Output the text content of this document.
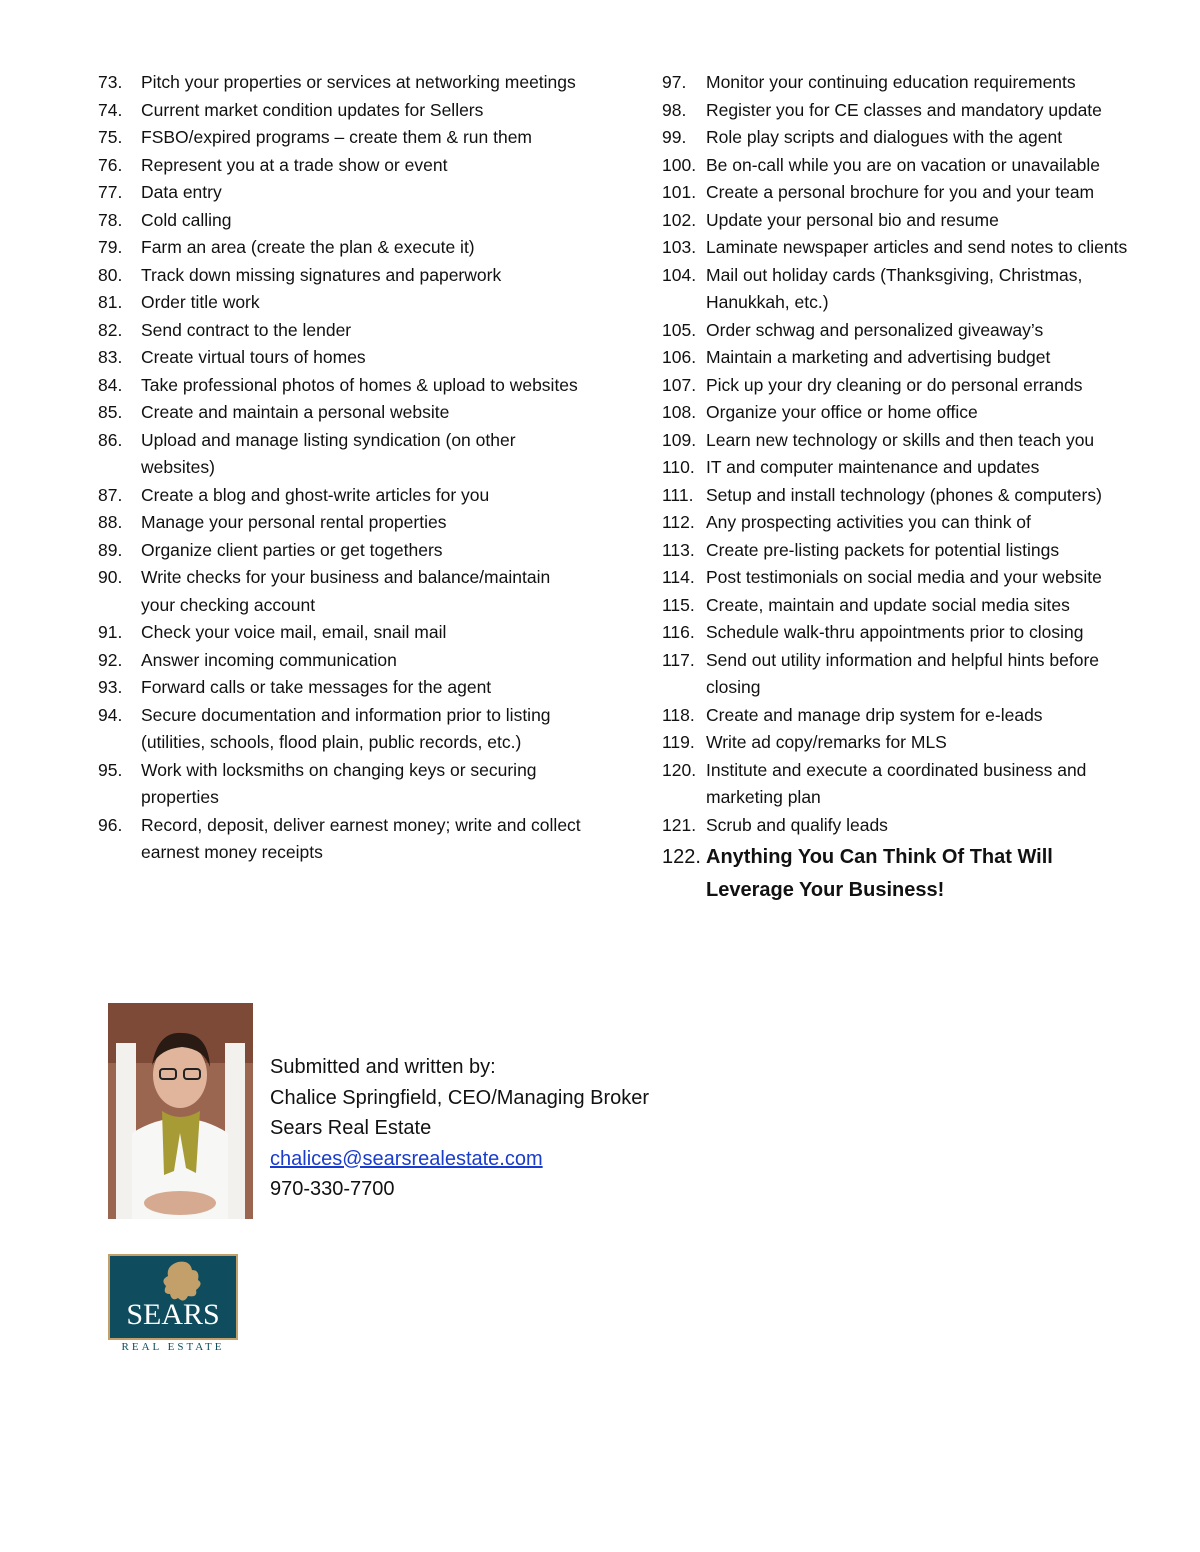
73. Pitch your properties or services at networking meetings
74. Current market condition updates for Sellers
75. FSBO/expired programs – create them & run them
76. Represent you at a trade show or event
77. Data entry
78. Cold calling
79. Farm an area (create the plan & execute it)
80. Track down missing signatures and paperwork
81. Order title work
82. Send contract to the lender
83. Create virtual tours of homes
84. Take professional photos of homes & upload to websites
85. Create and maintain a personal website
86. Upload and manage listing syndication (on other websites)
87. Create a blog and ghost-write articles for you
88. Manage your personal rental properties
89. Organize client parties or get togethers
90. Write checks for your business and balance/maintain your checking account
91. Check your voice mail, email, snail mail
92. Answer incoming communication
93. Forward calls or take messages for the agent
94. Secure documentation and information prior to listing (utilities, schools, flood plain, public records, etc.)
95. Work with locksmiths on changing keys or securing properties
96. Record, deposit, deliver earnest money; write and collect earnest money receipts
97. Monitor your continuing education requirements
98. Register you for CE classes and mandatory update
99. Role play scripts and dialogues with the agent
100. Be on-call while you are on vacation or unavailable
101. Create a personal brochure for you and your team
102. Update your personal bio and resume
103. Laminate newspaper articles and send notes to clients
104. Mail out holiday cards (Thanksgiving, Christmas, Hanukkah, etc.)
105. Order schwag and personalized giveaway’s
106. Maintain a marketing and advertising budget
107. Pick up your dry cleaning or do personal errands
108. Organize your office or home office
109. Learn new technology or skills and then teach you
110. IT and computer maintenance and updates
111. Setup and install technology (phones & computers)
112. Any prospecting activities you can think of
113. Create pre-listing packets for potential listings
114. Post testimonials on social media and your website
115. Create, maintain and update social media sites
116. Schedule walk-thru appointments prior to closing
117. Send out utility information and helpful hints before closing
118. Create and manage drip system for e-leads
119. Write ad copy/remarks for MLS
120. Institute and execute a coordinated business and marketing plan
121. Scrub and qualify leads
122. Anything You Can Think Of That Will Leverage Your Business!
Submitted and written by:
Chalice Springfield, CEO/Managing Broker
Sears Real Estate
chalices@searsrealestate.com
970-330-7700
SEARS
REAL ESTATE
